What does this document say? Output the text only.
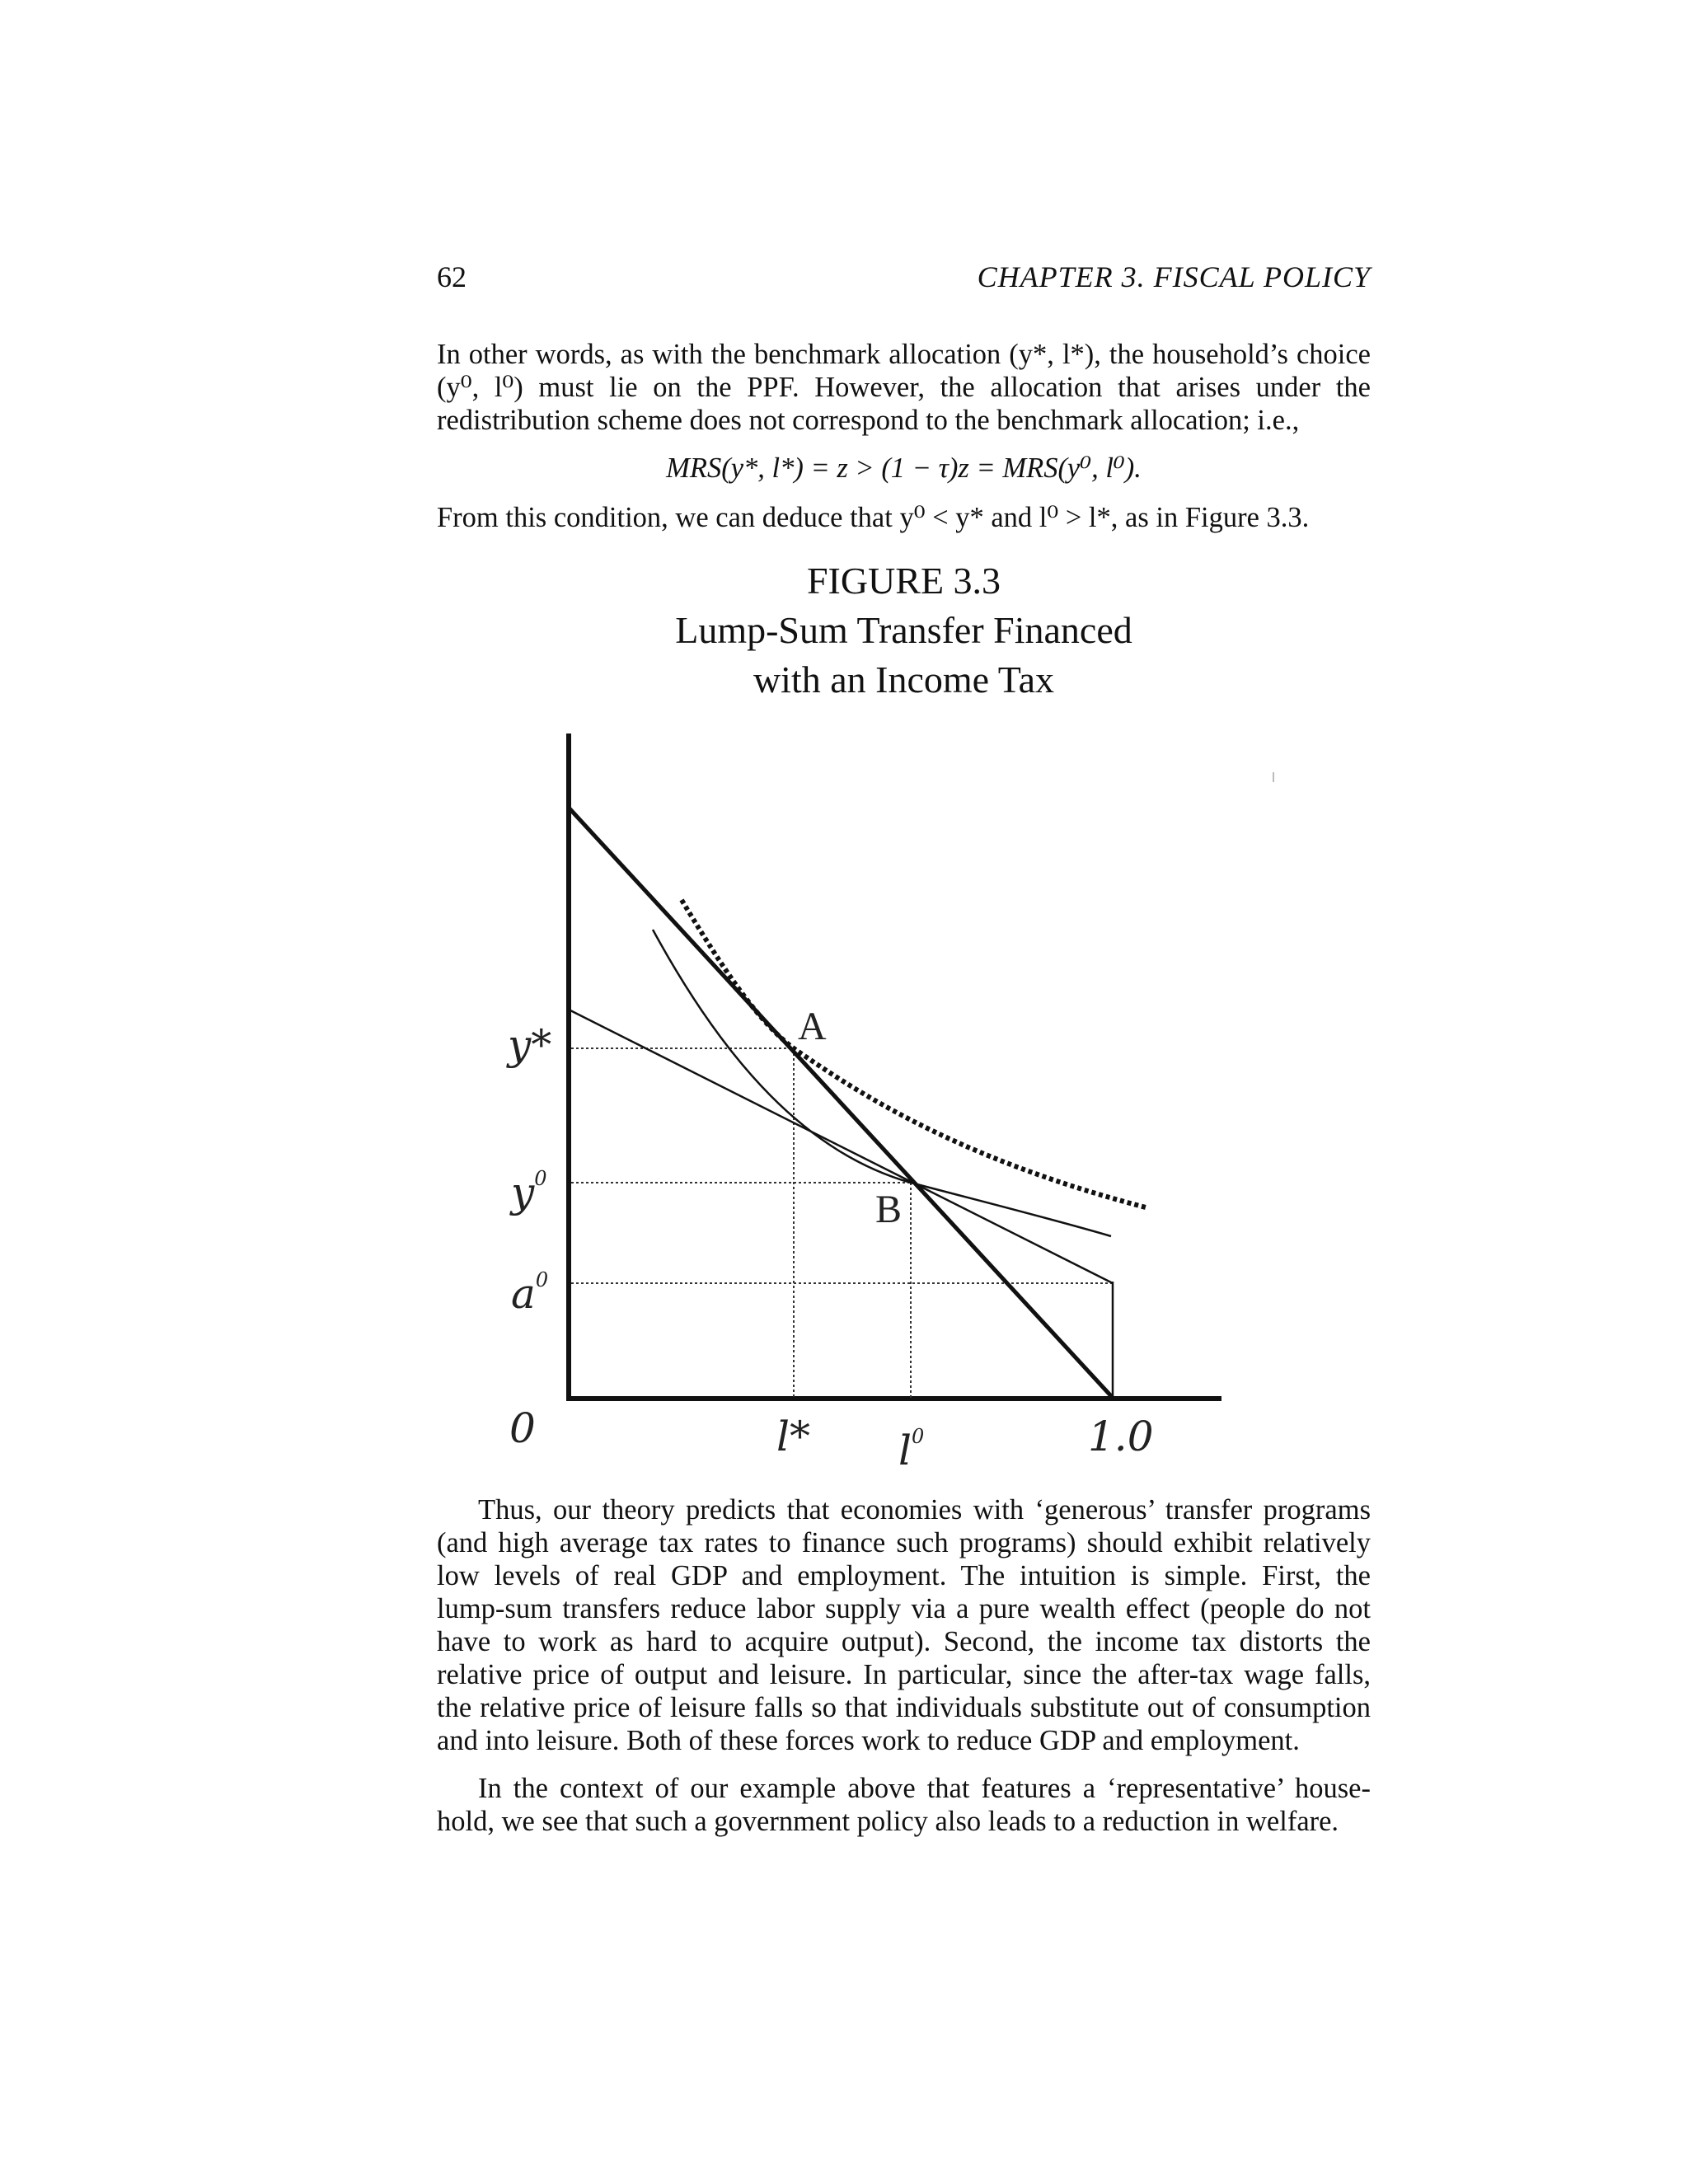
62	CHAPTER 3. FISCAL POLICY
In other words, as with the benchmark allocation (y*, l*), the household’s choice
(y⁰, l⁰) must lie on the PPF. However, the allocation that arises under the
redistribution scheme does not correspond to the benchmark allocation; i.e.,
MRS(y*, l*) = z > (1 − τ)z = MRS(y⁰, l⁰).
From this condition, we can deduce that y⁰ < y* and l⁰ > l*, as in Figure 3.3.
FIGURE 3.3
Lump-Sum Transfer Financed
with an Income Tax
A
B
y*
$y^0$
$a^0$
0	l* $l^0$	1.0
Thus, our theory predicts that economies with ‘generous’ transfer programs
(and high average tax rates to finance such programs) should exhibit relatively
low levels of real GDP and employment. The intuition is simple. First, the
lump-sum transfers reduce labor supply via a pure wealth effect (people do not
have to work as hard to acquire output). Second, the income tax distorts the
relative price of output and leisure. In particular, since the after-tax wage falls,
the relative price of leisure falls so that individuals substitute out of consumption
and into leisure. Both of these forces work to reduce GDP and employment.
In the context of our example above that features a ‘representative’ house-
hold, we see that such a government policy also leads to a reduction in welfare.
